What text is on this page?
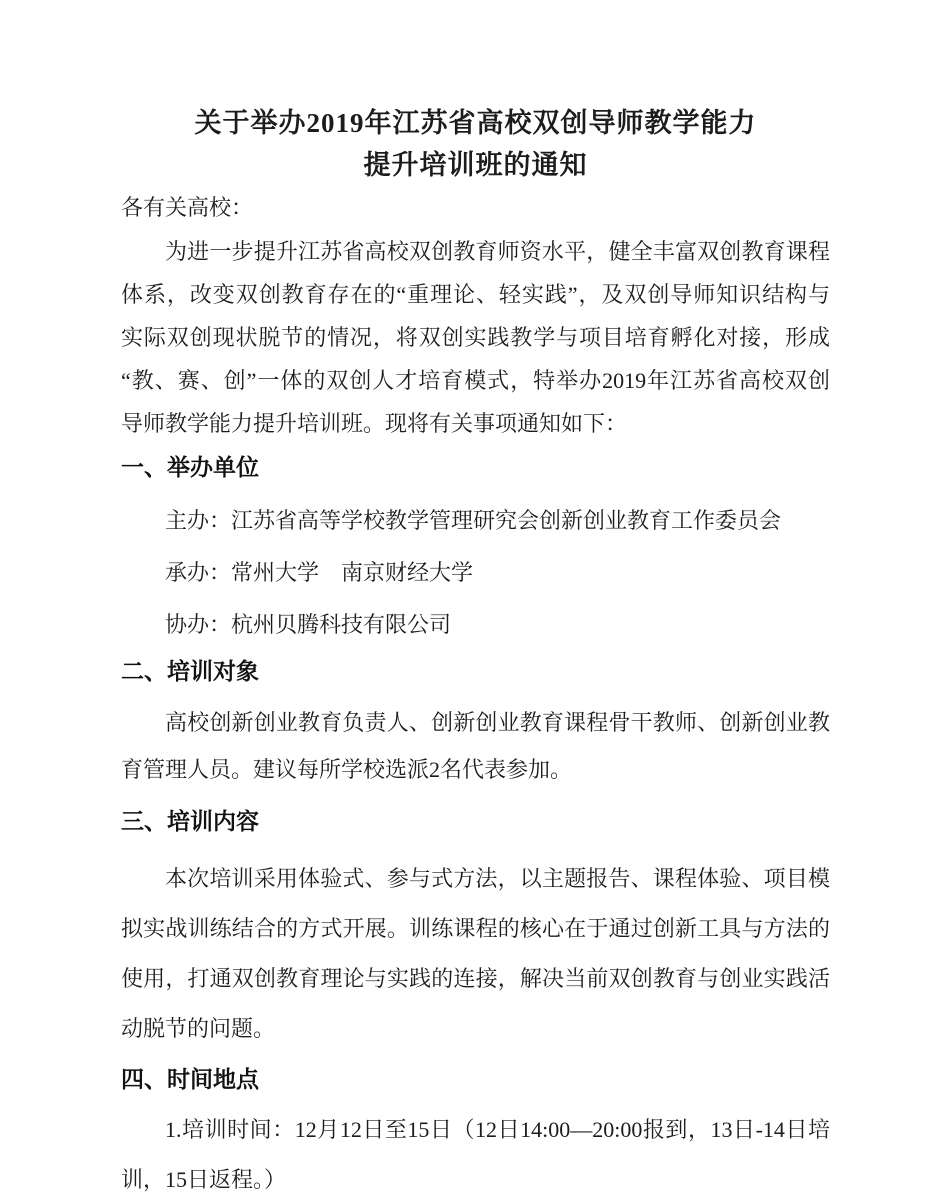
关于举办2019年江苏省高校双创导师教学能力
提升培训班的通知
各有关高校：
为进一步提升江苏省高校双创教育师资水平，健全丰富双创教育课程
体系，改变双创教育存在的“重理论、轻实践”，及双创导师知识结构与
实际双创现状脱节的情况，将双创实践教学与项目培育孵化对接，形成
“教、赛、创”一体的双创人才培育模式，特举办2019年江苏省高校双创
导师教学能力提升培训班。现将有关事项通知如下：
一、举办单位
主办：江苏省高等学校教学管理研究会创新创业教育工作委员会
承办：常州大学　南京财经大学
协办：杭州贝腾科技有限公司
二、培训对象
高校创新创业教育负责人、创新创业教育课程骨干教师、创新创业教
育管理人员。建议每所学校选派2名代表参加。
三、培训内容
本次培训采用体验式、参与式方法，以主题报告、课程体验、项目模
拟实战训练结合的方式开展。训练课程的核心在于通过创新工具与方法的
使用，打通双创教育理论与实践的连接，解决当前双创教育与创业实践活
动脱节的问题。
四、时间地点
1.培训时间：12月12日至15日（12日14:00—20:00报到，13日-14日培
训，15日返程。）
